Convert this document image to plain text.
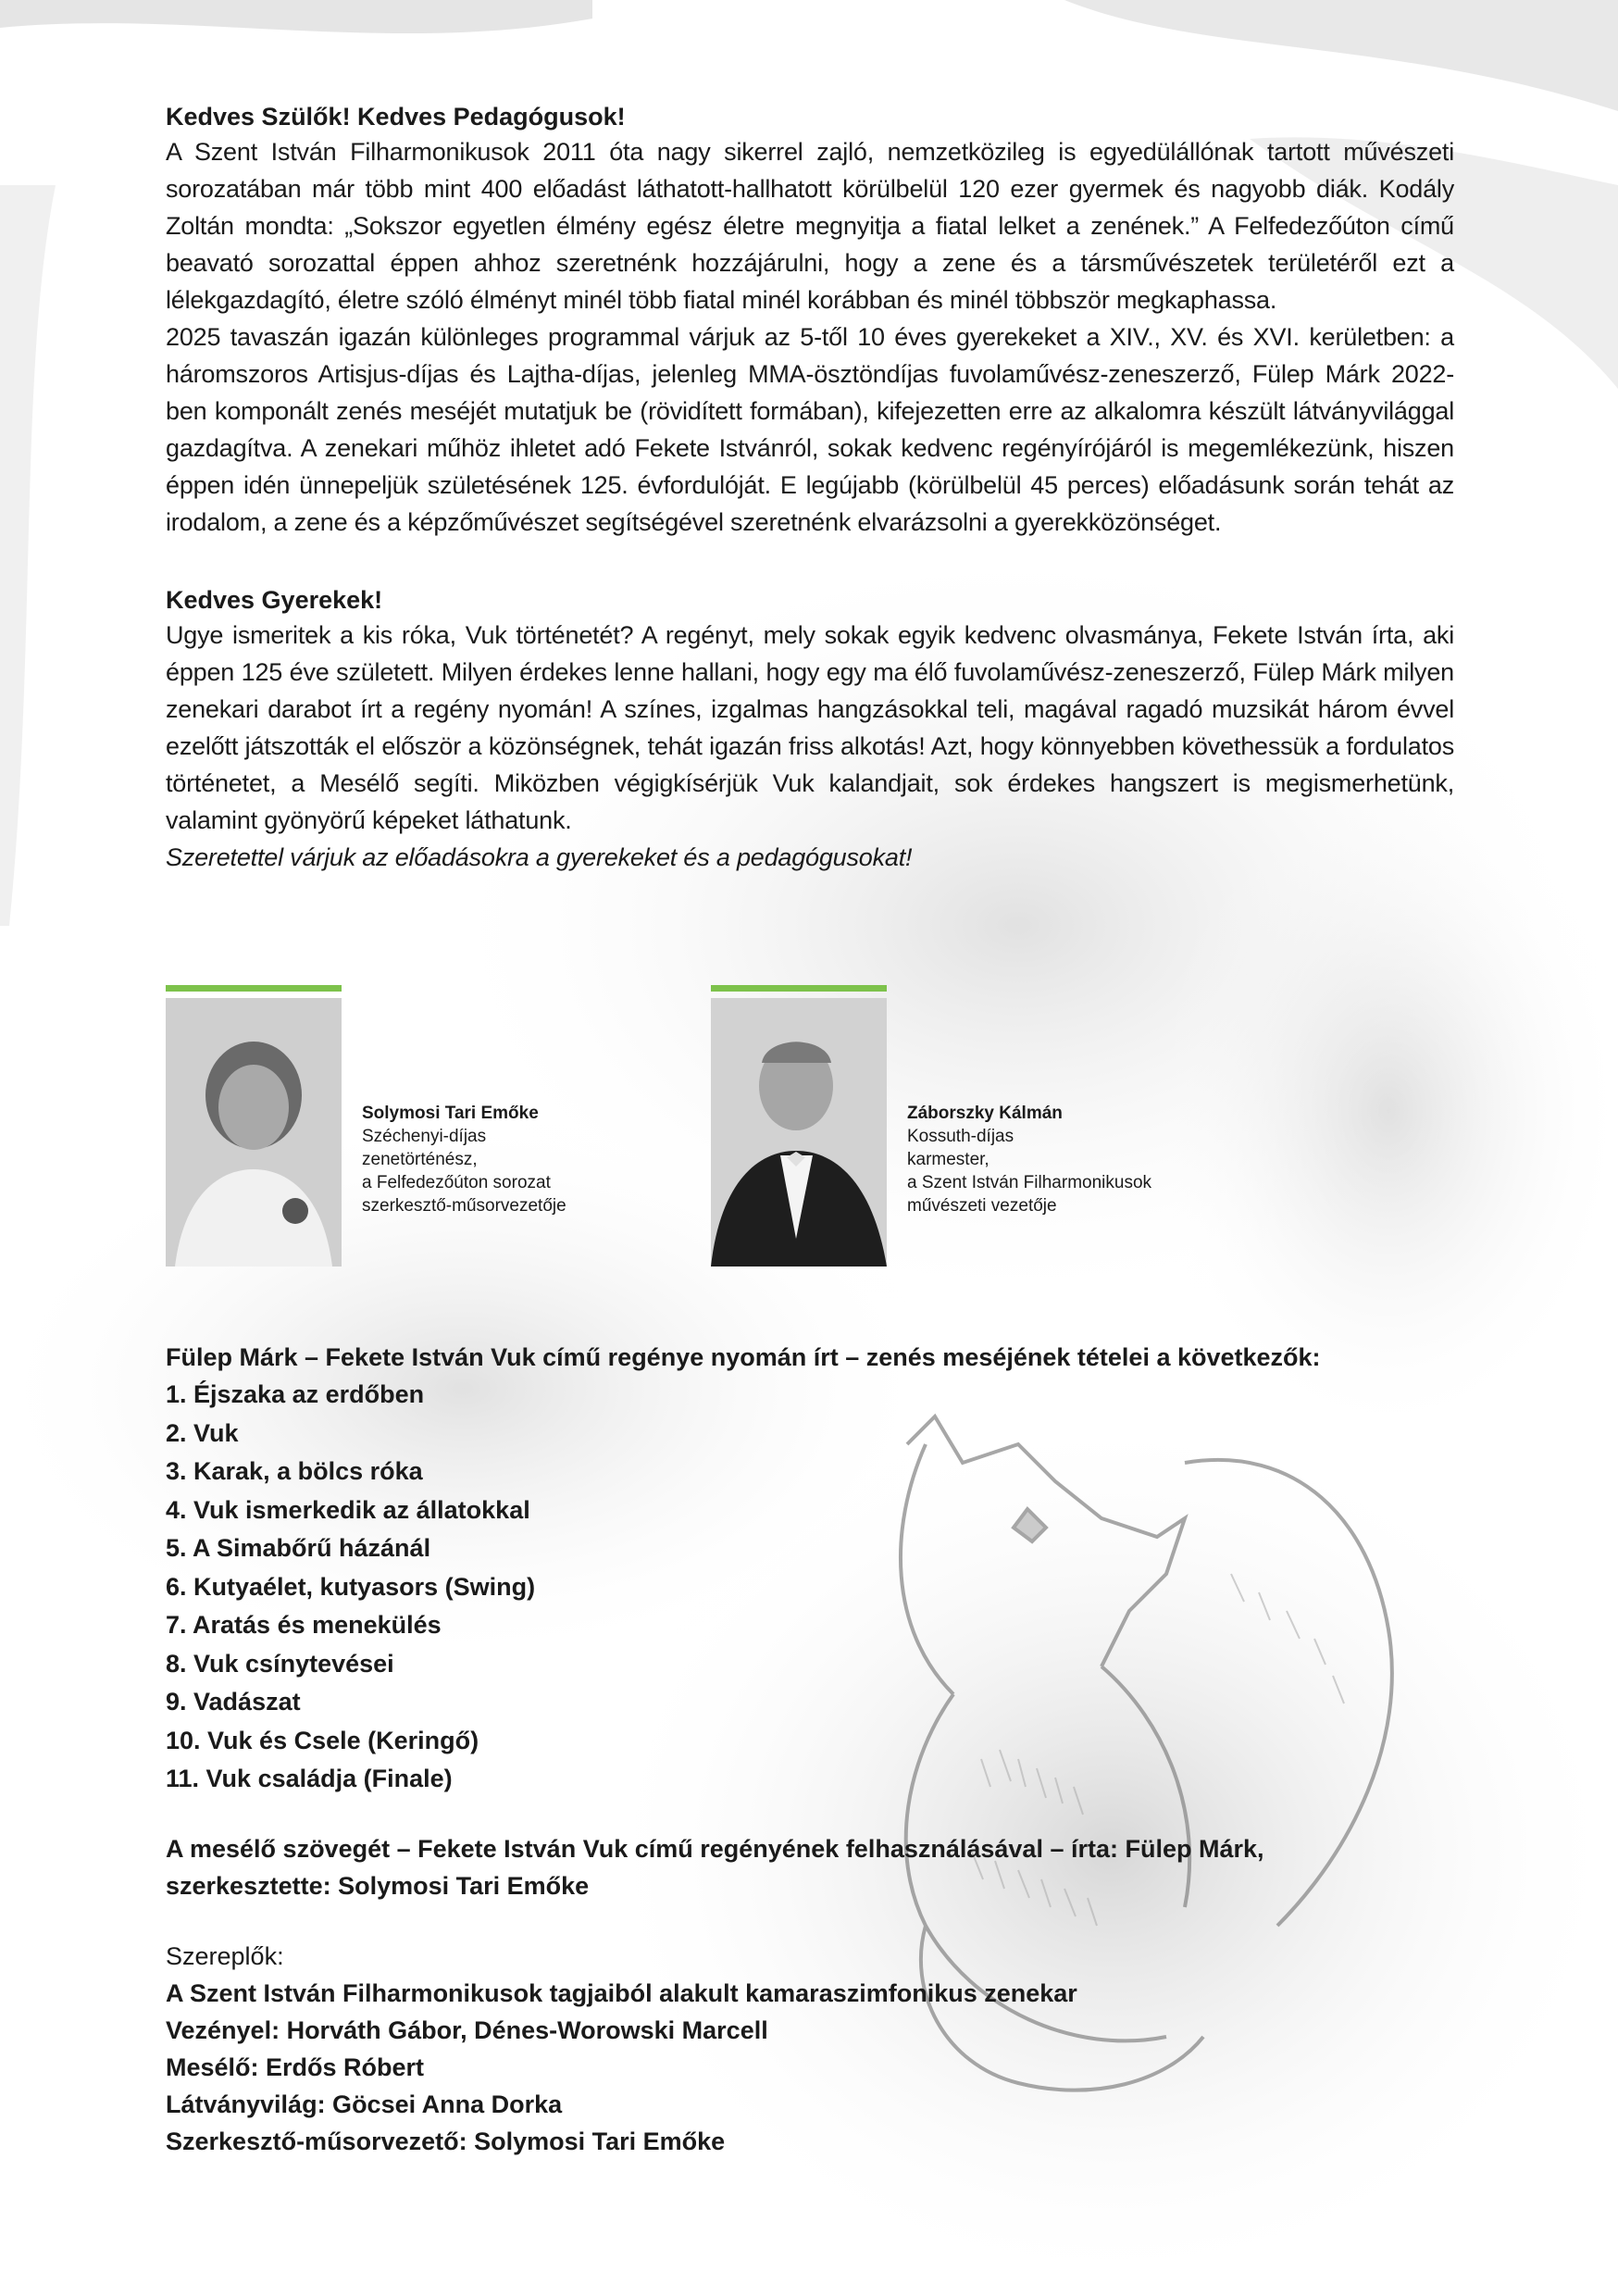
Kedves Szülők! Kedves Pedagógusok!

A Szent István Filharmonikusok 2011 óta nagy sikerrel zajló, nemzetközileg is egyedülállónak tartott művészeti sorozatában már több mint 400 előadást láthatott-hallhatott körülbelül 120 ezer gyermek és nagyobb diák. Kodály Zoltán mondta: „Sokszor egyetlen élmény egész életre megnyitja a fiatal lelket a zenének.” A Felfedezőúton című beavató sorozattal éppen ahhoz szeretnénk hozzájárulni, hogy a zene és a társművészetek területéről ezt a lélekgazdagító, életre szóló élményt minél több fiatal minél korábban és minél többször megkaphassa.

2025 tavaszán igazán különleges programmal várjuk az 5-től 10 éves gyerekeket a XIV., XV. és XVI. kerületben: a háromszoros Artisjus-díjas és Lajtha-díjas, jelenleg MMA-ösztöndíjas fuvolaművész-zeneszerző, Fülep Márk 2022-ben komponált zenés meséjét mutatjuk be (rövidített formában), kifejezetten erre az alkalomra készült látványvilággal gazdagítva. A zenekari műhöz ihletet adó Fekete Istvánról, sokak kedvenc regényírójáról is megemlékezünk, hiszen éppen idén ünnepeljük születésének 125. évfordulóját. E legújabb (körülbelül 45 perces) előadásunk során tehát az irodalom, a zene és a képzőművészet segítségével szeretnénk elvarázsolni a gyerekközönséget.

Kedves Gyerekek!

Ugye ismeritek a kis róka, Vuk történetét? A regényt, mely sokak egyik kedvenc olvasmánya, Fekete István írta, aki éppen 125 éve született. Milyen érdekes lenne hallani, hogy egy ma élő fuvolaművész-zeneszerző, Fülep Márk milyen zenekari darabot írt a regény nyomán! A színes, izgalmas hangzásokkal teli, magával ragadó muzsikát három évvel ezelőtt játszották el először a közönségnek, tehát igazán friss alkotás! Azt, hogy könnyebben követhessük a fordulatos történetet, a Mesélő segíti. Miközben végigkísérjük Vuk kalandjait, sok érdekes hangszert is megismerhetünk, valamint gyönyörű képeket láthatunk.

Szeretettel várjuk az előadásokra a gyerekeket és a pedagógusokat!

Solymosi Tari Emőke
Széchenyi-díjas
zenetörténész,
a Felfedezőúton sorozat
szerkesztő-műsorvezetője
Záborszky Kálmán
Kossuth-díjas
karmester,
a Szent István Filharmonikusok
művészeti vezetője

Fülep Márk – Fekete István Vuk című regénye nyomán írt – zenés meséjének tételei a következők:

1. Éjszaka az erdőben
2. Vuk
3. Karak, a bölcs róka
4. Vuk ismerkedik az állatokkal
5. A Simabőrű házánál
6. Kutyaélet, kutyasors (Swing)
7. Aratás és menekülés
8. Vuk csínytevései
9. Vadászat
10. Vuk és Csele (Keringő)
11. Vuk családja (Finale)

A mesélő szövegét – Fekete István Vuk című regényének felhasználásával – írta: Fülep Márk,

szerkesztette: Solymosi Tari Emőke

Szereplők:

A Szent István Filharmonikusok tagjaiból alakult kamaraszimfonikus zenekar

Vezényel: Horváth Gábor, Dénes-Worowski Marcell

Mesélő: Erdős Róbert

Látványvilág: Göcsei Anna Dorka

Szerkesztő-műsorvezető: Solymosi Tari Emőke
